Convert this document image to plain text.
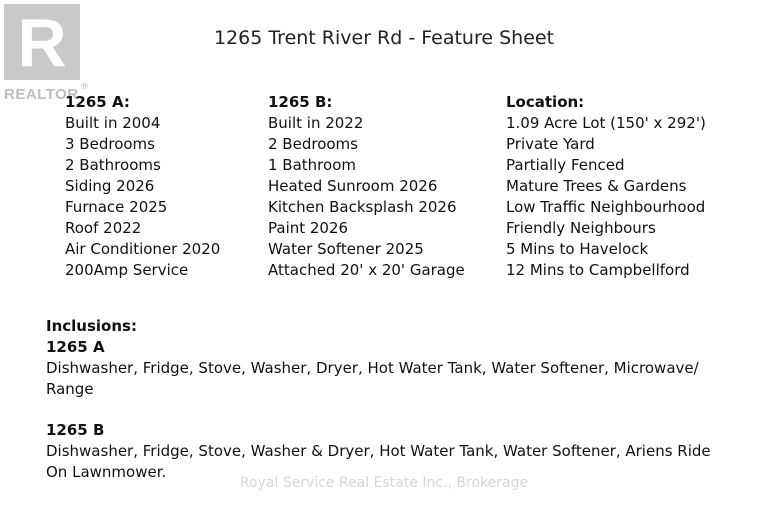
R
®
REALTOR
1265 Trent River Rd - Feature Sheet
1265 A:
Built in 2004
3 Bedrooms
2 Bathrooms
Siding 2026
Furnace 2025
Roof 2022
Air Conditioner 2020
200Amp Service
1265 B:
Built in 2022
2 Bedrooms
1 Bathroom
Heated Sunroom 2026
Kitchen Backsplash 2026
Paint 2026
Water Softener 2025
Attached 20' x 20' Garage
Location:
1.09 Acre Lot (150' x 292')
Private Yard
Partially Fenced
Mature Trees & Gardens
Low Traffic Neighbourhood
Friendly Neighbours
5 Mins to Havelock
12 Mins to Campbellford
Inclusions:
1265 A
Dishwasher, Fridge, Stove, Washer, Dryer, Hot Water Tank, Water Softener, Microwave/ Range
1265 B
Dishwasher, Fridge, Stove, Washer & Dryer, Hot Water Tank, Water Softener, Ariens Ride On Lawnmower.
Royal Service Real Estate Inc., Brokerage
